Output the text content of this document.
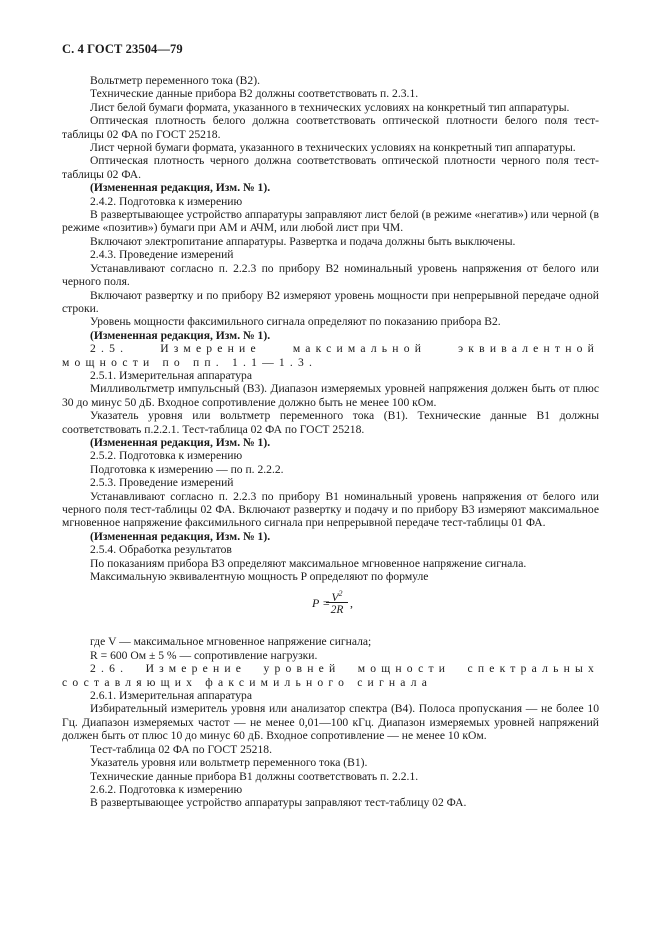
С. 4 ГОСТ 23504—79

Вольтметр переменного тока (В2).

Технические данные прибора В2 должны соответствовать п. 2.3.1.

Лист белой бумаги формата, указанного в технических условиях на конкретный тип аппаратуры.

Оптическая плотность белого должна соответствовать оптической плотности белого поля тест-таблицы 02 ФА по ГОСТ 25218.

Лист черной бумаги формата, указанного в технических условиях на конкретный тип аппаратуры.

Оптическая плотность черного должна соответствовать оптической плотности черного поля тест-таблицы 02 ФА.

(Измененная редакция, Изм. № 1).

2.4.2. Подготовка к измерению

В развертывающее устройство аппаратуры заправляют лист белой (в режиме «негатив») или черной (в режиме «позитив») бумаги при АМ и АЧМ, или любой лист при ЧМ.

Включают электропитание аппаратуры. Развертка и подача должны быть выключены.

2.4.3. Проведение измерений

Устанавливают согласно п. 2.2.3 по прибору В2 номинальный уровень напряжения от белого или черного поля.

Включают развертку и по прибору В2 измеряют уровень мощности при непрерывной передаче одной строки.

Уровень мощности факсимильного сигнала определяют по показанию прибора В2.

(Измененная редакция, Изм. № 1).

2.5. Измерение максимальной эквивалентной мощности по пп. 1.1—1.3.

2.5.1. Измерительная аппаратура

Милливольтметр импульсный (В3). Диапазон измеряемых уровней напряжения должен быть от плюс 30 до минус 50 дБ. Входное сопротивление должно быть не менее 100 кОм.

Указатель уровня или вольтметр переменного тока (В1). Технические данные В1 должны соответствовать п.2.2.1. Тест-таблица 02 ФА по ГОСТ 25218.

(Измененная редакция, Изм. № 1).

2.5.2. Подготовка к измерению

Подготовка к измерению — по п. 2.2.2.

2.5.3. Проведение измерений

Устанавливают согласно п. 2.2.3 по прибору В1 номинальный уровень напряжения от белого или черного поля тест-таблицы 02 ФА. Включают развертку и подачу и по прибору В3 измеряют максимальное мгновенное напряжение факсимильного сигнала при непрерывной передаче тест-таблицы 01 ФА.

(Измененная редакция, Изм. № 1).

2.5.4. Обработка результатов

По показаниям прибора В3 определяют максимальное мгновенное напряжение сигнала.

Максимальную эквивалентную мощность P определяют по формуле

$P = V^2$
2R ,

где V — максимальное мгновенное напряжение сигнала;

R = 600 Ом ± 5 % — сопротивление нагрузки.

2.6. Измерение уровней мощности спектральных составляющих факсимильного сигнала

2.6.1. Измерительная аппаратура

Избирательный измеритель уровня или анализатор спектра (В4). Полоса пропускания — не более 10 Гц. Диапазон измеряемых частот — не менее 0,01—100 кГц. Диапазон измеряемых уровней напряжений должен быть от плюс 10 до минус 60 дБ. Входное сопротивление — не менее 10 кОм.

Тест-таблица 02 ФА по ГОСТ 25218.

Указатель уровня или вольтметр переменного тока (В1).

Технические данные прибора В1 должны соответствовать п. 2.2.1.

2.6.2. Подготовка к измерению

В развертывающее устройство аппаратуры заправляют тест-таблицу 02 ФА.
